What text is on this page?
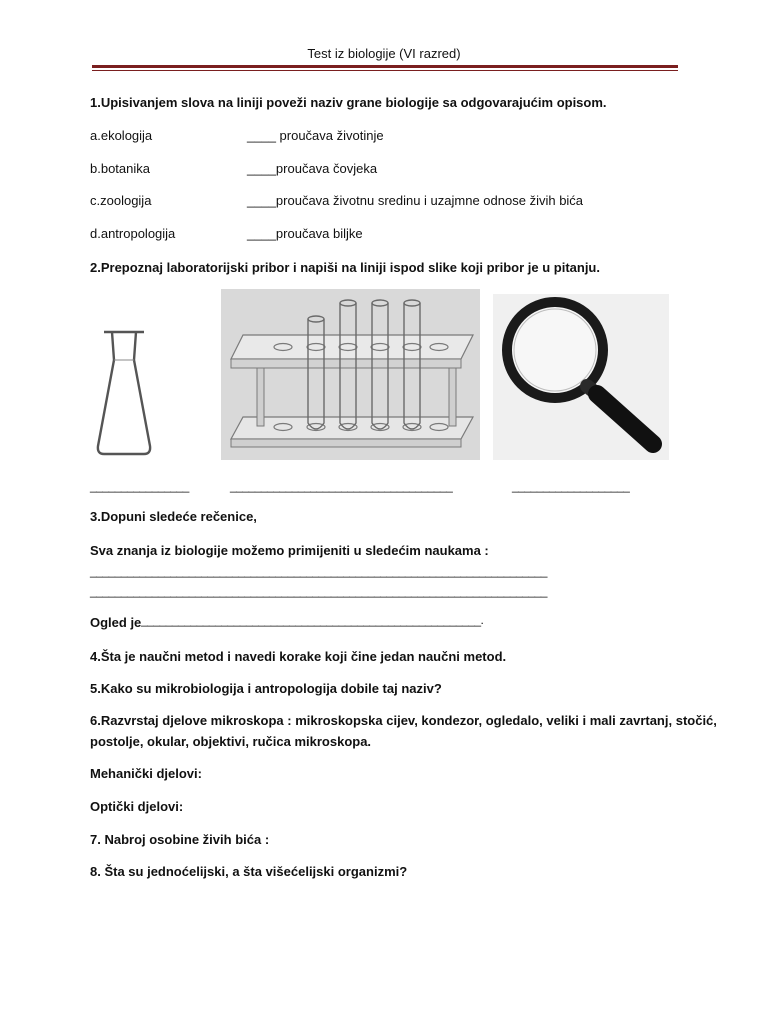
Test iz biologije (VI razred)
1.Upisivanjem slova na liniji poveži naziv grane biologije sa odgovarajućim opisom.
a.ekologija	____ proučava životinje
b.botanika	____proučava čovjeka
c.zoologija	____proučava životnu sredinu i uzajmne odnose živih bića
d.antropologija	____proučava biljke
2.Prepoznaj laboratorijski pribor i napiši na liniji ispod slike koji pribor je u pitanju.
________________	____________________________________	___________________
3.Dopuni sledeće rečenice,
Sva znanja iz biologije možemo primijeniti u sledećim naukama :
__________________________________________________________________________
__________________________________________________________________________
Ogled je _______________________________________________________.
4.Šta je naučni metod i navedi korake koji čine jedan naučni metod.
5.Kako su mikrobiologija i antropologija dobile taj naziv?
6.Razvrstaj djelove mikroskopa : mikroskopska cijev, kondezor, ogledalo, veliki i mali zavrtanj, stočić,
postolje, okular, objektivi, ručica mikroskopa.
Mehanički djelovi:
Optički djelovi:
7. Nabroj osobine živih bića :
8. Šta su jednoćelijski, a šta višećelijski organizmi?
